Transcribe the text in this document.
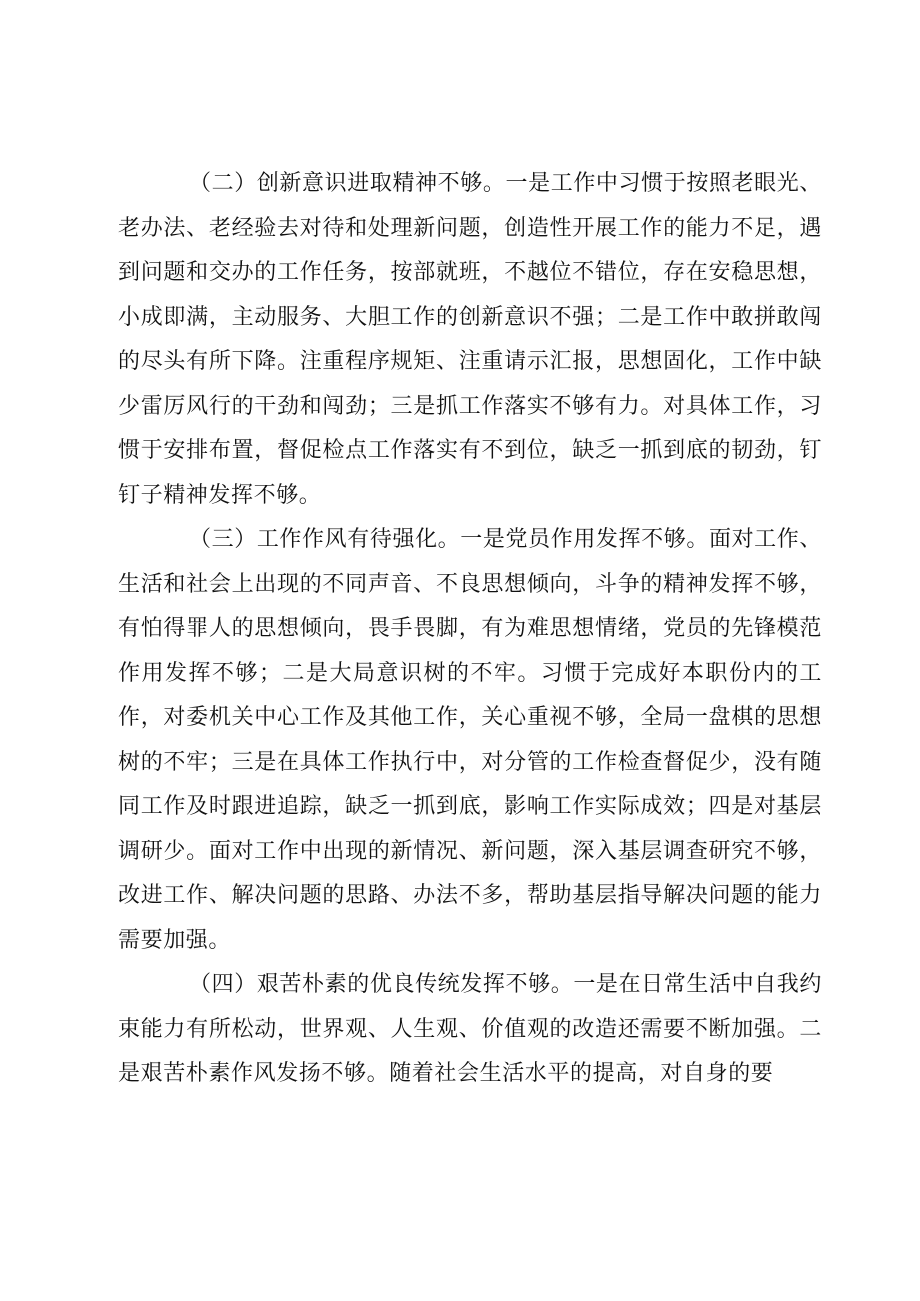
（二）创新意识进取精神不够。一是工作中习惯于按照老眼光、老办法、老经验去对待和处理新问题，创造性开展工作的能力不足，遇到问题和交办的工作任务，按部就班，不越位不错位，存在安稳思想，小成即满，主动服务、大胆工作的创新意识不强；二是工作中敢拼敢闯的尽头有所下降。注重程序规矩、注重请示汇报，思想固化，工作中缺少雷厉风行的干劲和闯劲；三是抓工作落实不够有力。对具体工作，习惯于安排布置，督促检点工作落实有不到位，缺乏一抓到底的韧劲，钉钉子精神发挥不够。

（三）工作作风有待强化。一是党员作用发挥不够。面对工作、生活和社会上出现的不同声音、不良思想倾向，斗争的精神发挥不够，有怕得罪人的思想倾向，畏手畏脚，有为难思想情绪，党员的先锋模范作用发挥不够；二是大局意识树的不牢。习惯于完成好本职份内的工作，对委机关中心工作及其他工作，关心重视不够，全局一盘棋的思想树的不牢；三是在具体工作执行中，对分管的工作检查督促少，没有随同工作及时跟进追踪，缺乏一抓到底，影响工作实际成效；四是对基层调研少。面对工作中出现的新情况、新问题，深入基层调查研究不够，改进工作、解决问题的思路、办法不多，帮助基层指导解决问题的能力需要加强。

（四）艰苦朴素的优良传统发挥不够。一是在日常生活中自我约束能力有所松动，世界观、人生观、价值观的改造还需要不断加强。二是艰苦朴素作风发扬不够。随着社会生活水平的提高，对自身的要
